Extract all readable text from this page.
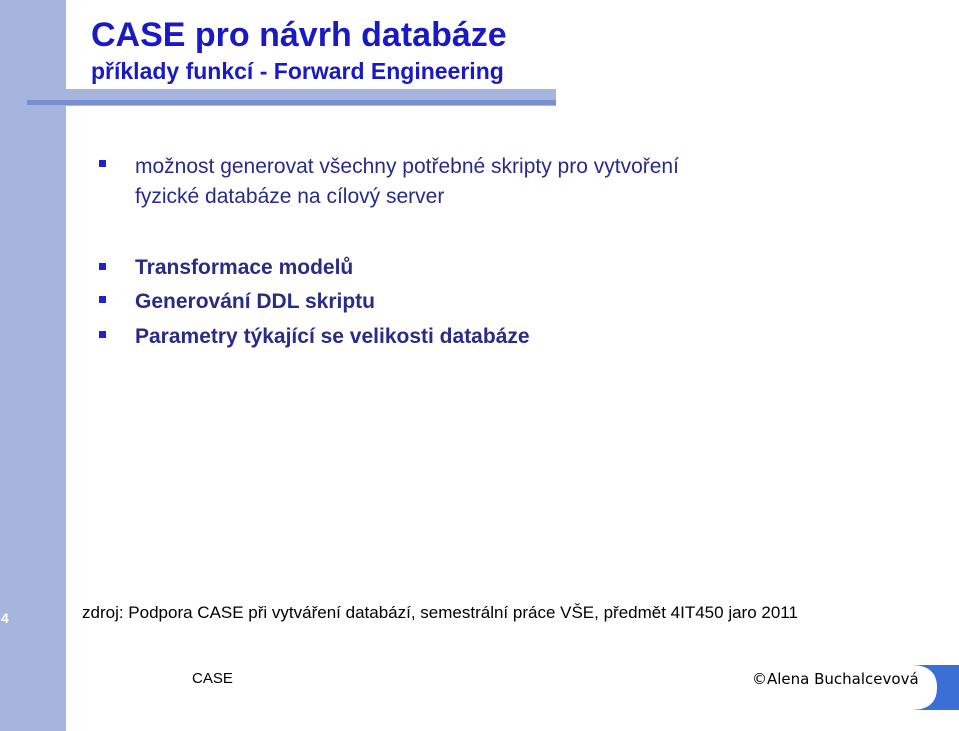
CASE pro návrh databáze
příklady funkcí - Forward Engineering
možnost generovat všechny potřebné skripty pro vytvoření
fyzické databáze na cílový server
Transformace modelů
Generování DDL skriptu
Parametry týkající se velikosti databáze
4	zdroj: Podpora CASE při vytváření databází, semestrální práce VŠE, předmět 4IT450 jaro 2011
CASE	©Alena Buchalcevová
